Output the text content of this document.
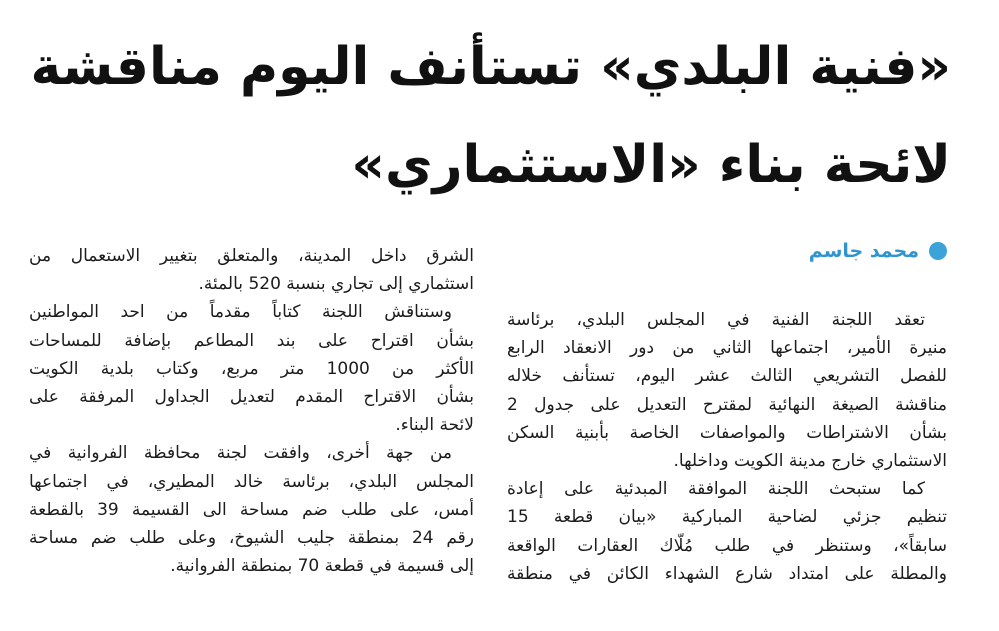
«فنية البلدي» تستأنف اليوم مناقشة
لائحة بناء «الاستثماري»
محمد جاسم
تعقد اللجنة الفنية في المجلس البلدي، برئاسة
منيرة الأمير، اجتماعها الثاني من دور الانعقاد الرابع
للفصل التشريعي الثالث عشر اليوم، تستأنف خلاله
مناقشة الصيغة النهائية لمقترح التعديل على جدول 2
بشأن الاشتراطات والمواصفات الخاصة بأبنية السكن
الاستثماري خارج مدينة الكويت وداخلها.
كما ستبحث اللجنة الموافقة المبدئية على إعادة
تنظيم جزئي لضاحية المباركية «بيان قطعة 15
سابقاً»، وستنظر في طلب مُلّاك العقارات الواقعة
والمطلة على امتداد شارع الشهداء الكائن في منطقة
الشرق داخل المدينة، والمتعلق بتغيير الاستعمال من
استثماري إلى تجاري بنسبة 520 بالمئة.
وستناقش اللجنة كتاباً مقدماً من احد المواطنين
بشأن اقتراح على بند المطاعم بإضافة للمساحات
الأكثر من 1000 متر مربع، وكتاب بلدية الكويت
بشأن الاقتراح المقدم لتعديل الجداول المرفقة على
لائحة البناء.
من جهة أخرى، وافقت لجنة محافظة الفروانية في
المجلس البلدي، برئاسة خالد المطيري، في اجتماعها
أمس، على طلب ضم مساحة الى القسيمة 39 بالقطعة
رقم 24 بمنطقة جليب الشيوخ، وعلى طلب ضم مساحة
إلى قسيمة في قطعة 70 بمنطقة الفروانية.
